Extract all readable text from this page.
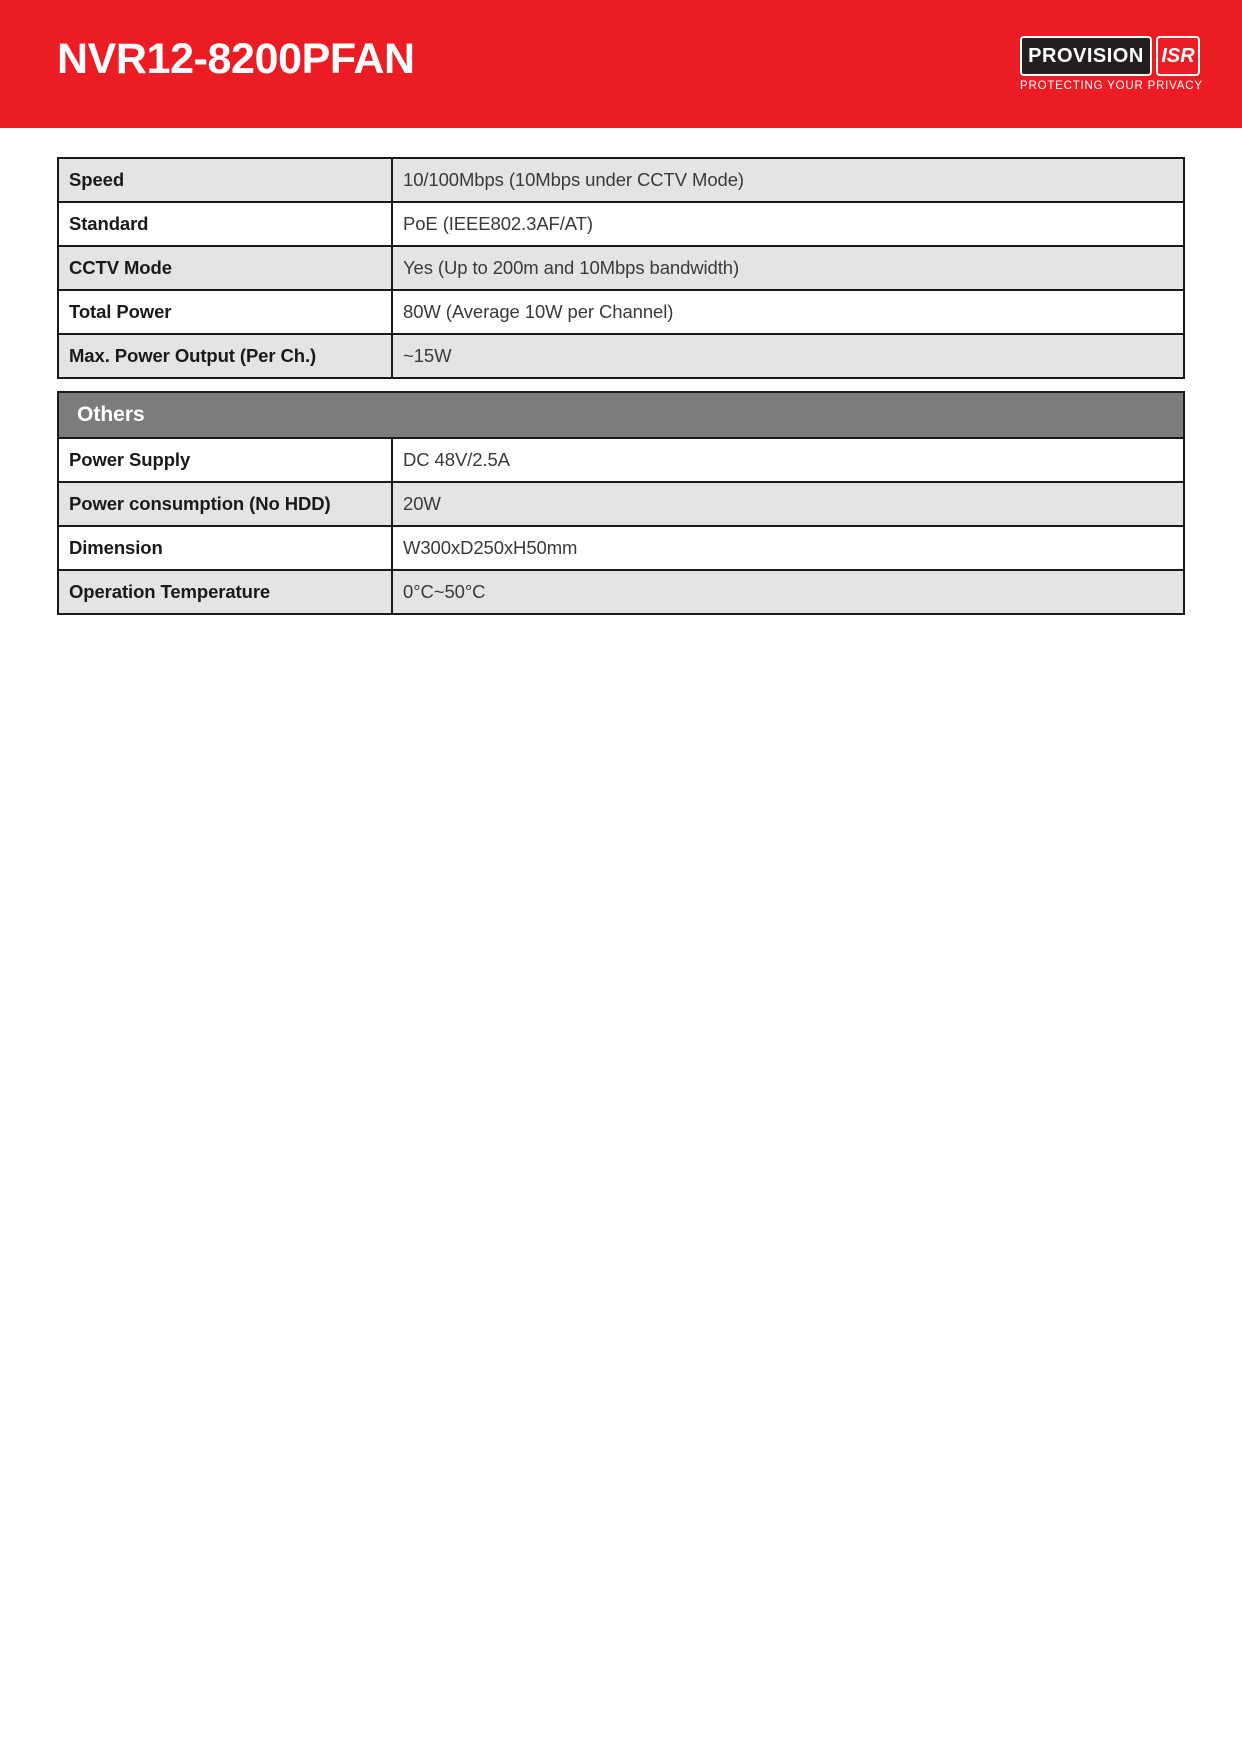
NVR12-8200PFAN	PROVISION ISR
PROTECTING YOUR PRIVACY
Speed	10/100Mbps (10Mbps under CCTV Mode)
Standard	PoE (IEEE802.3AF/AT)
CCTV Mode	Yes (Up to 200m and 10Mbps bandwidth)
Total Power	80W (Average 10W per Channel)
Max. Power Output (Per Ch.)	~15W
Others	
Power Supply	DC 48V/2.5A
Power consumption (No HDD)	20W
Dimension	W300xD250xH50mm
Operation Temperature	0°C~50°C
